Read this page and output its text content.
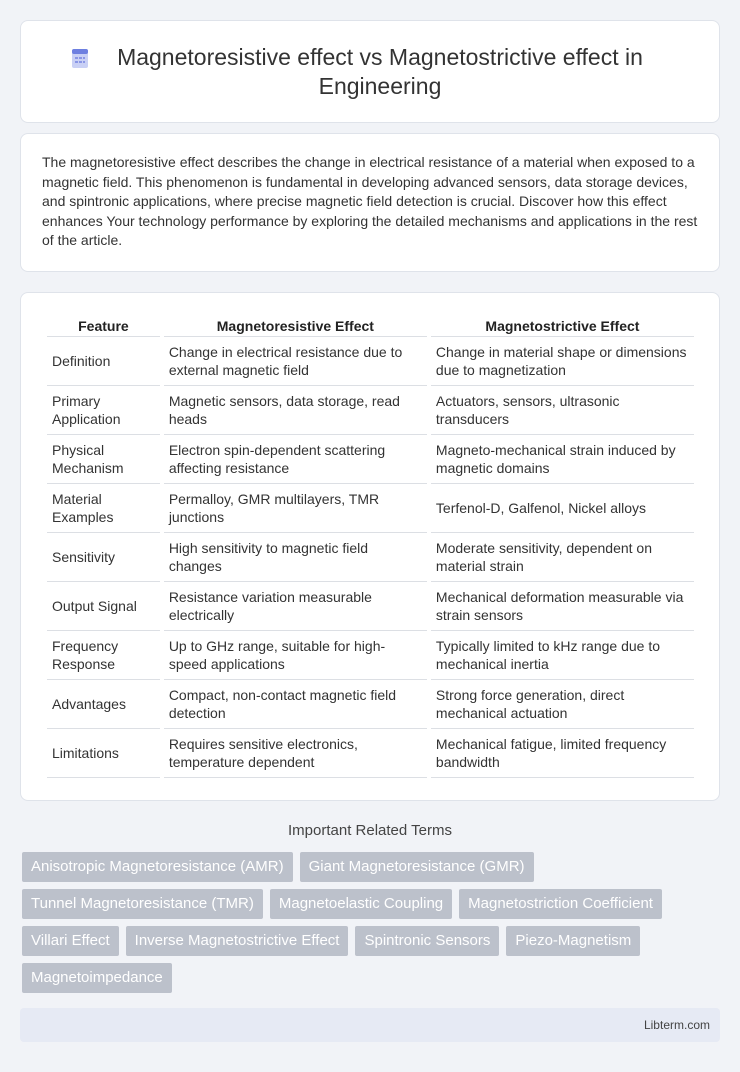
Magnetoresistive effect vs Magnetostrictive effect in Engineering

The magnetoresistive effect describes the change in electrical resistance of a material when exposed to a magnetic field. This phenomenon is fundamental in developing advanced sensors, data storage devices, and spintronic applications, where precise magnetic field detection is crucial. Discover how this effect enhances Your technology performance by exploring the detailed mechanisms and applications in the rest of the article.

Feature	Magnetoresistive Effect	Magnetostrictive Effect
Definition	Change in electrical resistance due to external magnetic field	Change in material shape or dimensions due to magnetization
Primary Application	Magnetic sensors, data storage, read heads	Actuators, sensors, ultrasonic transducers
Physical Mechanism	Electron spin-dependent scattering affecting resistance	Magneto-mechanical strain induced by magnetic domains
Material Examples	Permalloy, GMR multilayers, TMR junctions	Terfenol-D, Galfenol, Nickel alloys
Sensitivity	High sensitivity to magnetic field changes	Moderate sensitivity, dependent on material strain
Output Signal	Resistance variation measurable electrically	Mechanical deformation measurable via strain sensors
Frequency Response	Up to GHz range, suitable for high-speed applications	Typically limited to kHz range due to mechanical inertia
Advantages	Compact, non-contact magnetic field detection	Strong force generation, direct mechanical actuation
Limitations	Requires sensitive electronics, temperature dependent	Mechanical fatigue, limited frequency bandwidth
Important Related Terms
Anisotropic Magnetoresistance (AMR)	Giant Magnetoresistance (GMR)
Tunnel Magnetoresistance (TMR)	Magnetoelastic Coupling	Magnetostriction Coefficient
Villari Effect	Inverse Magnetostrictive Effect	Spintronic Sensors	Piezo-Magnetism
Magnetoimpedance
Libterm.com
